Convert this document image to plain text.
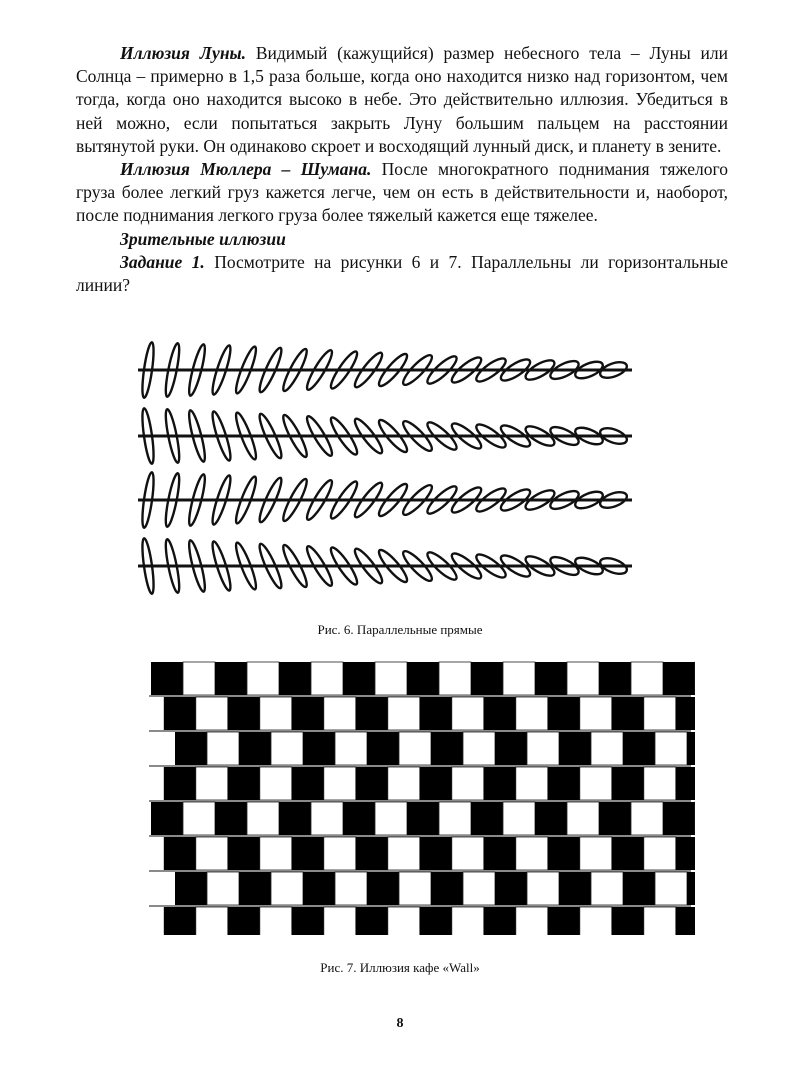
Иллюзия Луны. Видимый (кажущийся) размер небесного тела – Луны или Солнца – примерно в 1,5 раза больше, когда оно находится низко над горизонтом, чем тогда, когда оно находится высоко в небе. Это действительно иллюзия. Убедиться в ней можно, если попытаться закрыть Луну большим пальцем на расстоянии вытянутой руки. Он одинаково скроет и восходящий лунный диск, и планету в зените.

Иллюзия Мюллера – Шумана. После многократного поднимания тяжелого груза более легкий груз кажется легче, чем он есть в действительности и, наоборот, после поднимания легкого груза более тяжелый кажется еще тяжелее.

Зрительные иллюзии

Задание 1. Посмотрите на рисунки 6 и 7. Параллельны ли горизонтальные линии?

Рис. 6. Параллельные прямые
Рис. 7. Иллюзия кафе «Wall»
8
